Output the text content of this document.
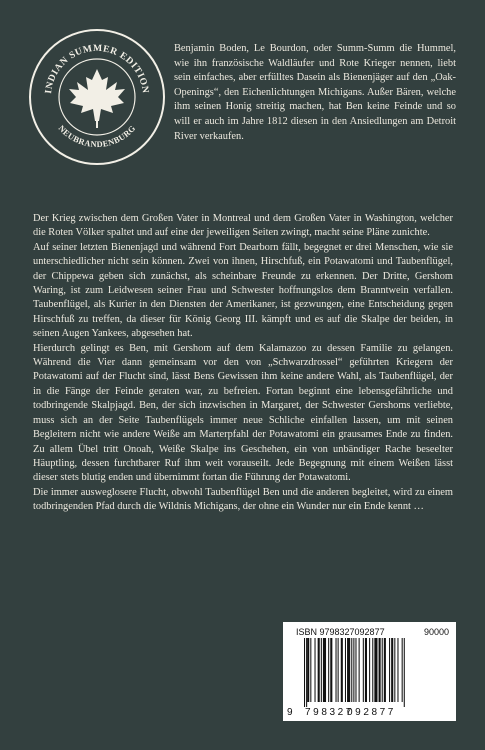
INDIAN SUMMER EDITION
NEUBRANDENBURG

Benjamin Boden, Le Bourdon, oder Summ-Summ die Hummel, wie ihn französische Waldläufer und Rote Krieger nennen, liebt sein einfaches, aber erfülltes Dasein als Bienenjäger auf den „Oak-Openings“, den Eichenlichtungen Michigans. Außer Bären, welche ihm seinen Honig streitig machen, hat Ben keine Feinde und so will er auch im Jahre 1812 diesen in den Ansiedlungen am Detroit River verkaufen.

Der Krieg zwischen dem Großen Vater in Montreal und dem Großen Vater in Washington, welcher die Roten Völker spaltet und auf eine der jeweiligen Seiten zwingt, macht seine Pläne zunichte.

Auf seiner letzten Bienenjagd und während Fort Dearborn fällt, begegnet er drei Menschen, wie sie unterschiedlicher nicht sein können. Zwei von ihnen, Hirschfuß, ein Potawatomi und Taubenflügel, der Chippewa geben sich zunächst, als scheinbare Freunde zu erkennen. Der Dritte, Gershom Waring, ist zum Leidwesen seiner Frau und Schwester hoffnungslos dem Branntwein verfallen. Taubenflügel, als Kurier in den Diensten der Amerikaner, ist gezwungen, eine Entscheidung gegen Hirschfuß zu treffen, da dieser für König Georg III. kämpft und es auf die Skalpe der beiden, in seinen Augen Yankees, abgesehen hat.

Hierdurch gelingt es Ben, mit Gershom auf dem Kalamazoo zu dessen Familie zu gelangen. Während die Vier dann gemeinsam vor den von „Schwarzdrossel“ geführten Kriegern der Potawatomi auf der Flucht sind, lässt Bens Gewissen ihm keine andere Wahl, als Taubenflügel, der in die Fänge der Feinde geraten war, zu befreien. Fortan beginnt eine lebensgefährliche und todbringende Skalpjagd. Ben, der sich inzwischen in Margaret, der Schwester Gershoms verliebte, muss sich an der Seite Taubenflügels immer neue Schliche einfallen lassen, um mit seinen Begleitern nicht wie andere Weiße am Marterpfahl der Potawatomi ein grausames Ende zu finden. Zu allem Übel tritt Onoah, Weiße Skalpe ins Geschehen, ein von unbändiger Rache beseelter Häuptling, dessen furchtbarer Ruf ihm weit vorauseilt. Jede Begegnung mit einem Weißen lässt dieser stets blutig enden und übernimmt fortan die Führung der Potawatomi.

Die immer ausweglosere Flucht, obwohl Taubenflügel Ben und die anderen begleitet, wird zu einem todbringenden Pfad durch die Wildnis Michigans, der ohne ein Wunder nur ein Ende kennt …

ISBN 9798327092877	90000
9 798327
092877
